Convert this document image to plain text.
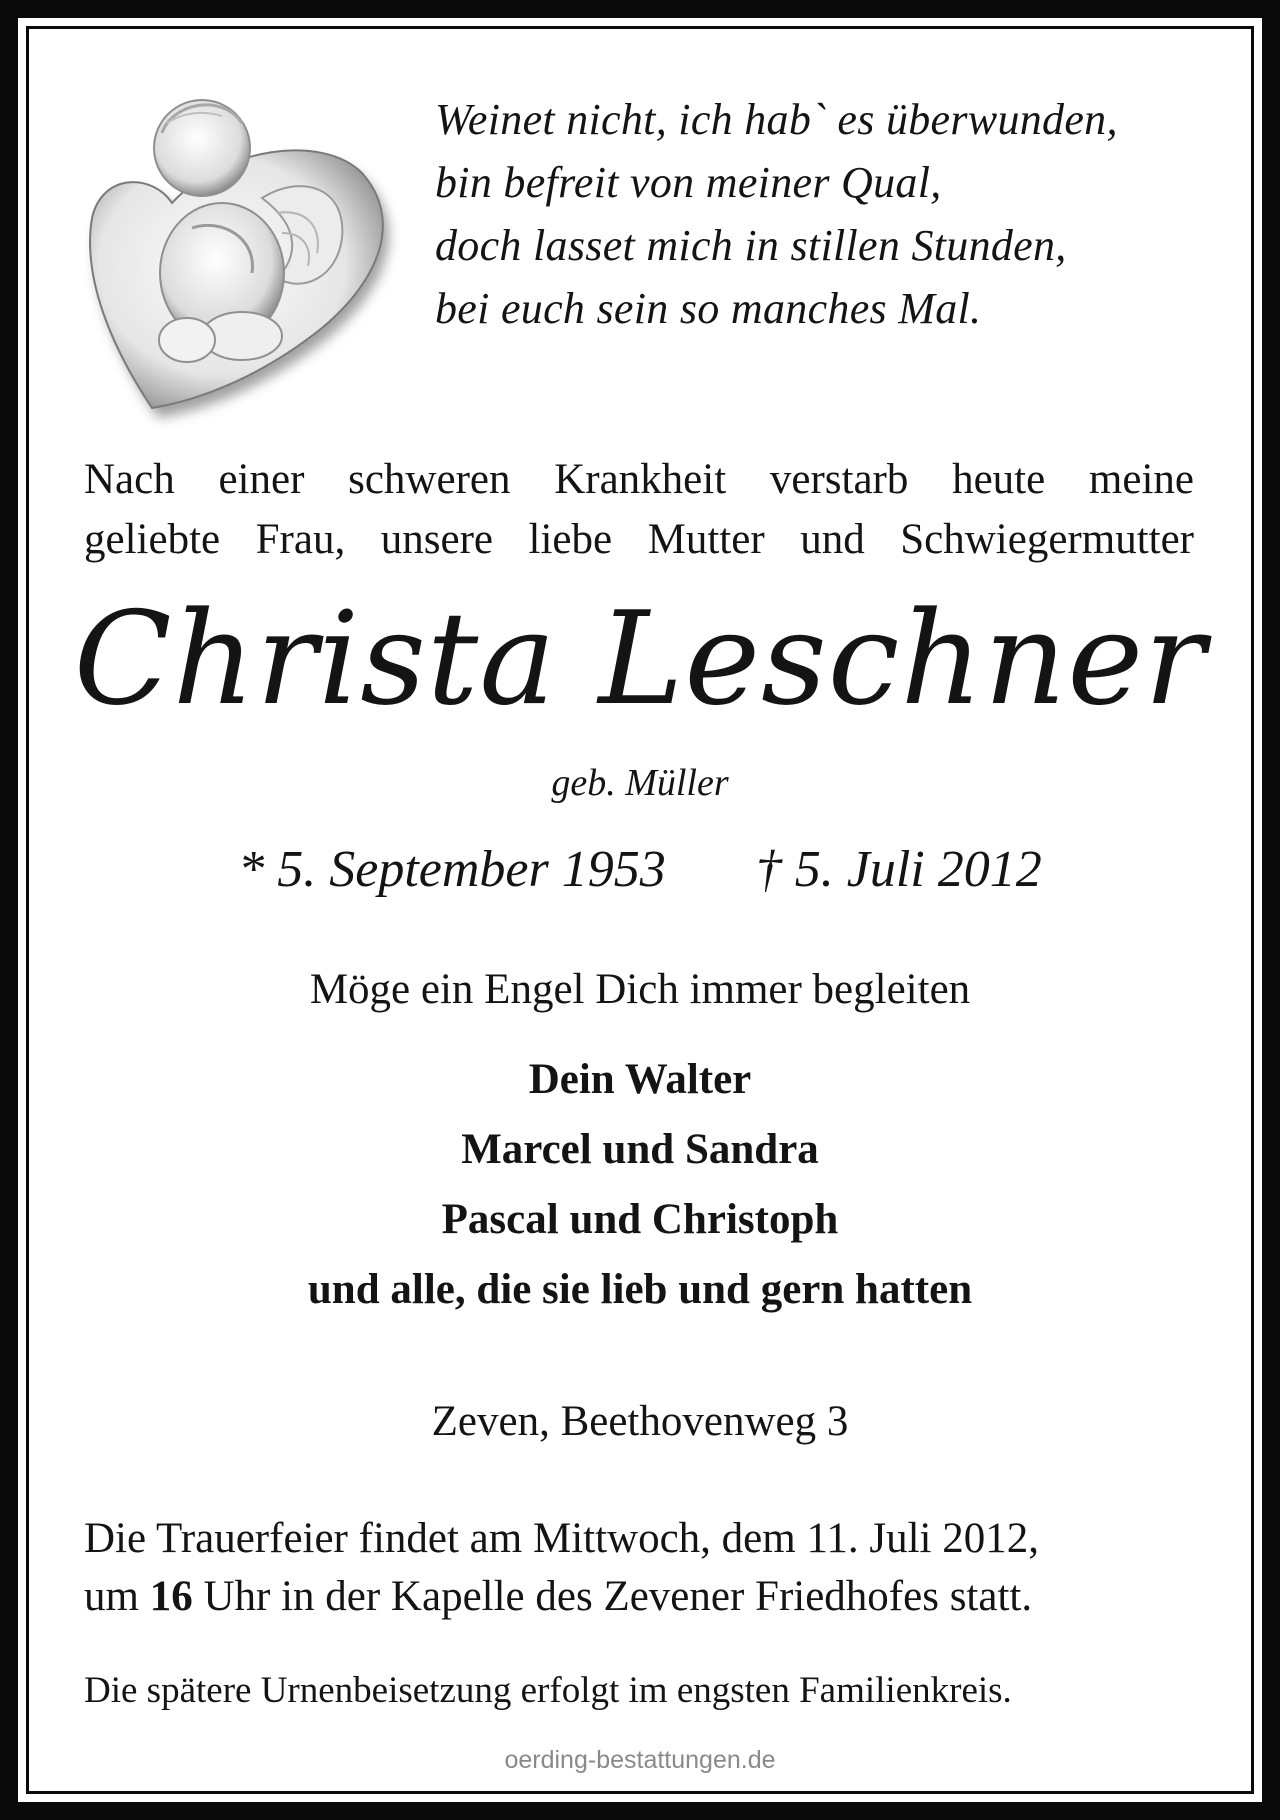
Weinet nicht, ich hab` es überwunden,
bin befreit von meiner Qual,
doch lasset mich in stillen Stunden,
bei euch sein so manches Mal.
Nach einer schweren Krankheit verstarb heute meine
geliebte Frau, unsere liebe Mutter und Schwiegermutter
Christa Leschner
geb. Müller
* 5. September 1953 † 5. Juli 2012
Möge ein Engel Dich immer begleiten
Dein Walter
Marcel und Sandra
Pascal und Christoph
und alle, die sie lieb und gern hatten
Zeven, Beethovenweg 3
Die Trauerfeier findet am Mittwoch, dem 11. Juli 2012,
um 16 Uhr in der Kapelle des Zevener Friedhofes statt.
Die spätere Urnenbeisetzung erfolgt im engsten Familienkreis.
oerding-bestattungen.de
